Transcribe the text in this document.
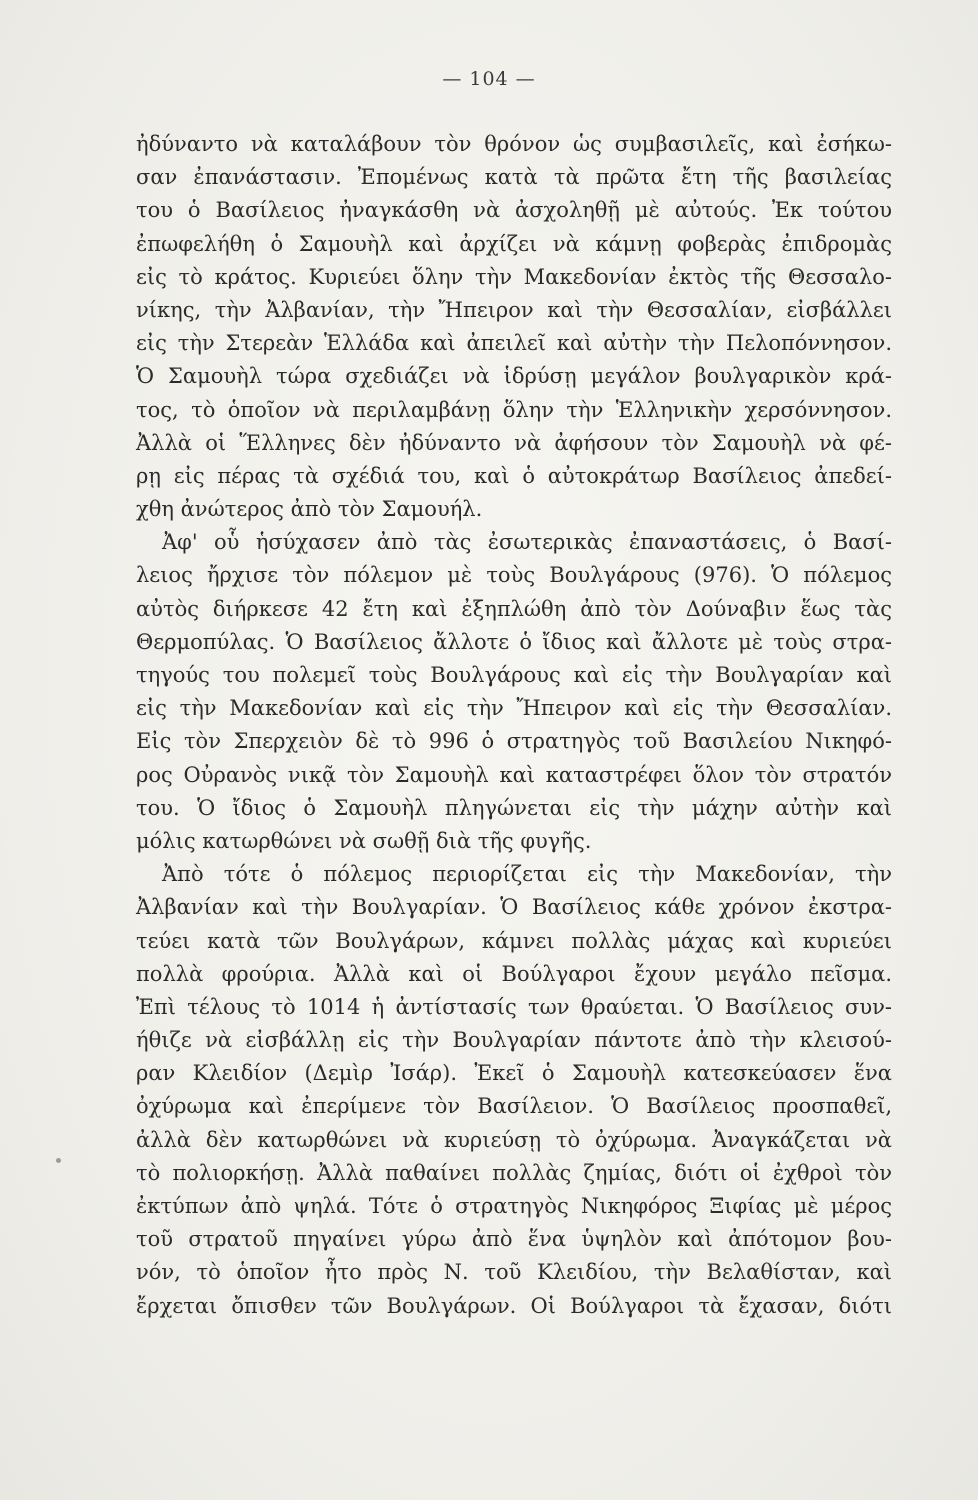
— 104 —
ἠδύναντο νὰ καταλάβουν τὸν θρόνον ὡς συμβασιλεῖς, καὶ ἐσήκω-
σαν ἐπανάστασιν. Ἐπομένως κατὰ τὰ πρῶτα ἔτη τῆς βασιλείας
του ὁ Βασίλειος ἠναγκάσθη νὰ ἀσχοληθῇ μὲ αὐτούς. Ἐκ τούτου
ἐπωφελήθη ὁ Σαμουὴλ καὶ ἀρχίζει νὰ κάμνῃ φοβερὰς ἐπιδρομὰς
εἰς τὸ κράτος. Κυριεύει ὅλην τὴν Μακεδονίαν ἐκτὸς τῆς Θεσσαλο-
νίκης, τὴν Ἀλβανίαν, τὴν Ἤπειρον καὶ τὴν Θεσσαλίαν, εἰσβάλλει
εἰς τὴν Στερεὰν Ἑλλάδα καὶ ἀπειλεῖ καὶ αὐτὴν τὴν Πελοπόννησον.
Ὁ Σαμουὴλ τώρα σχεδιάζει νὰ ἱδρύσῃ μεγάλον βουλγαρικὸν κρά-
τος, τὸ ὁποῖον νὰ περιλαμβάνῃ ὅλην τὴν Ἑλληνικὴν χερσόννησον.
Ἀλλὰ οἱ Ἕλληνες δὲν ἠδύναντο νὰ ἀφήσουν τὸν Σαμουὴλ νὰ φέ-
ρῃ εἰς πέρας τὰ σχέδιά του, καὶ ὁ αὐτοκράτωρ Βασίλειος ἀπεδεί-
χθη ἀνώτερος ἀπὸ τὸν Σαμουήλ.
Ἀφ' οὗ ἡσύχασεν ἀπὸ τὰς ἐσωτερικὰς ἐπαναστάσεις, ὁ Βασί-
λειος ἤρχισε τὸν πόλεμον μὲ τοὺς Βουλγάρους (976). Ὁ πόλεμος
αὐτὸς διήρκεσε 42 ἔτη καὶ ἐξηπλώθη ἀπὸ τὸν Δούναβιν ἕως τὰς
Θερμοπύλας. Ὁ Βασίλειος ἄλλοτε ὁ ἴδιος καὶ ἄλλοτε μὲ τοὺς στρα-
τηγούς του πολεμεῖ τοὺς Βουλγάρους καὶ εἰς τὴν Βουλγαρίαν καὶ
εἰς τὴν Μακεδονίαν καὶ εἰς τὴν Ἤπειρον καὶ εἰς τὴν Θεσσαλίαν.
Εἰς τὸν Σπερχειὸν δὲ τὸ 996 ὁ στρατηγὸς τοῦ Βασιλείου Νικηφό-
ρος Οὐρανὸς νικᾷ τὸν Σαμουὴλ καὶ καταστρέφει ὅλον τὸν στρατόν
του. Ὁ ἴδιος ὁ Σαμουὴλ πληγώνεται εἰς τὴν μάχην αὐτὴν καὶ
μόλις κατωρθώνει νὰ σωθῇ διὰ τῆς φυγῆς.
Ἀπὸ τότε ὁ πόλεμος περιορίζεται εἰς τὴν Μακεδονίαν, τὴν
Ἀλβανίαν καὶ τὴν Βουλγαρίαν. Ὁ Βασίλειος κάθε χρόνον ἐκστρα-
τεύει κατὰ τῶν Βουλγάρων, κάμνει πολλὰς μάχας καὶ κυριεύει
πολλὰ φρούρια. Ἀλλὰ καὶ οἱ Βούλγαροι ἔχουν μεγάλο πεῖσμα.
Ἐπὶ τέλους τὸ 1014 ἡ ἀντίστασίς των θραύεται. Ὁ Βασίλειος συν-
ήθιζε νὰ εἰσβάλλῃ εἰς τὴν Βουλγαρίαν πάντοτε ἀπὸ τὴν κλεισού-
ραν Κλειδίον (Δεμὶρ Ἰσάρ). Ἐκεῖ ὁ Σαμουὴλ κατεσκεύασεν ἕνα
ὀχύρωμα καὶ ἐπερίμενε τὸν Βασίλειον. Ὁ Βασίλειος προσπαθεῖ,
ἀλλὰ δὲν κατωρθώνει νὰ κυριεύσῃ τὸ ὀχύρωμα. Ἀναγκάζεται νὰ
τὸ πολιορκήσῃ. Ἀλλὰ παθαίνει πολλὰς ζημίας, διότι οἱ ἐχθροὶ τὸν
ἐκτύπων ἀπὸ ψηλά. Τότε ὁ στρατηγὸς Νικηφόρος Ξιφίας μὲ μέρος
τοῦ στρατοῦ πηγαίνει γύρω ἀπὸ ἕνα ὑψηλὸν καὶ ἀπότομον βου-
νόν, τὸ ὁποῖον ἦτο πρὸς Ν. τοῦ Κλειδίου, τὴν Βελαθίσταν, καὶ
ἔρχεται ὄπισθεν τῶν Βουλγάρων. Οἱ Βούλγαροι τὰ ἔχασαν, διότι
